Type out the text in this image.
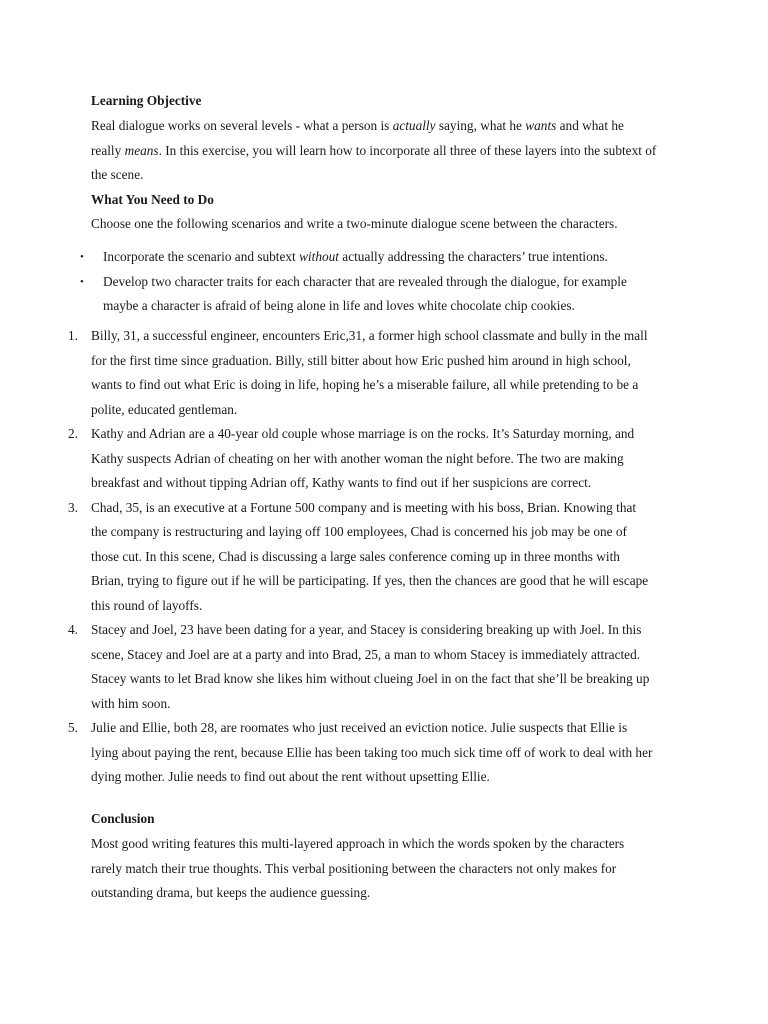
Learning Objective
Real dialogue works on several levels - what a person is actually saying, what he wants and what he
really means. In this exercise, you will learn how to incorporate all three of these layers into the subtext of
the scene.
What You Need to Do
Choose one the following scenarios and write a two-minute dialogue scene between the characters.
• Incorporate the scenario and subtext without actually addressing the characters’ true intentions.
• Develop two character traits for each character that are revealed through the dialogue, for example
maybe a character is afraid of being alone in life and loves white chocolate chip cookies.
1. Billy, 31, a successful engineer, encounters Eric,31, a former high school classmate and bully in the mall
for the first time since graduation. Billy, still bitter about how Eric pushed him around in high school,
wants to find out what Eric is doing in life, hoping he’s a miserable failure, all while pretending to be a
polite, educated gentleman.
2. Kathy and Adrian are a 40-year old couple whose marriage is on the rocks. It’s Saturday morning, and
Kathy suspects Adrian of cheating on her with another woman the night before. The two are making
breakfast and without tipping Adrian off, Kathy wants to find out if her suspicions are correct.
3. Chad, 35, is an executive at a Fortune 500 company and is meeting with his boss, Brian. Knowing that
the company is restructuring and laying off 100 employees, Chad is concerned his job may be one of
those cut. In this scene, Chad is discussing a large sales conference coming up in three months with
Brian, trying to figure out if he will be participating. If yes, then the chances are good that he will escape
this round of layoffs.
4. Stacey and Joel, 23 have been dating for a year, and Stacey is considering breaking up with Joel. In this
scene, Stacey and Joel are at a party and into Brad, 25, a man to whom Stacey is immediately attracted.
Stacey wants to let Brad know she likes him without clueing Joel in on the fact that she’ll be breaking up
with him soon.
5. Julie and Ellie, both 28, are roomates who just received an eviction notice. Julie suspects that Ellie is
lying about paying the rent, because Ellie has been taking too much sick time off of work to deal with her
dying mother. Julie needs to find out about the rent without upsetting Ellie.
Conclusion
Most good writing features this multi-layered approach in which the words spoken by the characters
rarely match their true thoughts. This verbal positioning between the characters not only makes for
outstanding drama, but keeps the audience guessing.
